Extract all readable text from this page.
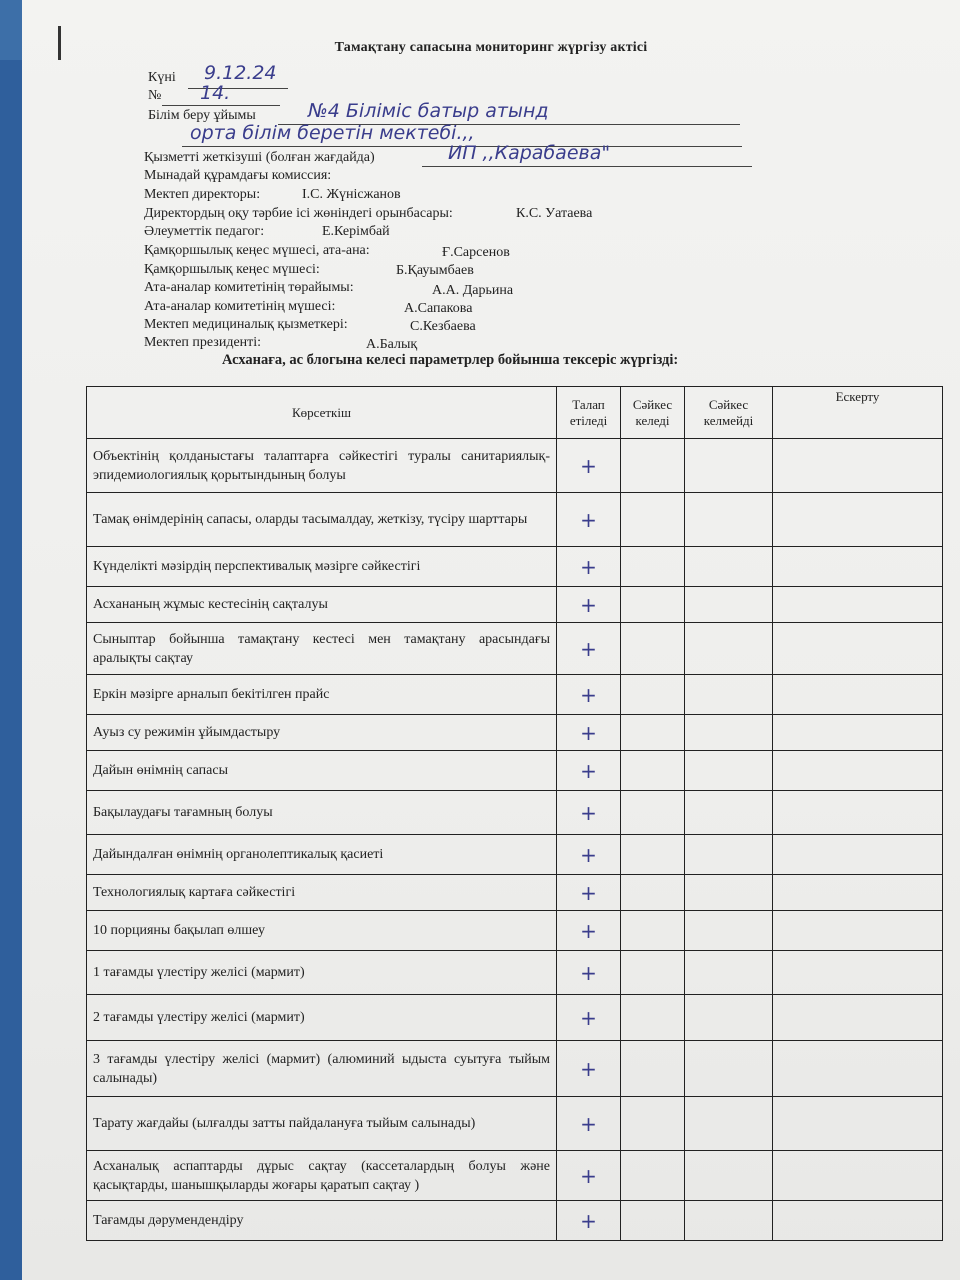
Тамақтану сапасына мониторинг жүргізу актісі
Күні 9.12.24
№ 14.
Білім беру ұйымы	№4 Бiлiмiс батыр атынд
орта бiлiм беретiн мектебi.,,
Қызметті жеткізуші (болған жағдайда)	ИП ,,Карабаева"
Мынадай құрамдағы комиссия:
Мектеп директоры:	І.С. Жүнісжанов
Директордың оқу тәрбие ісі жөніндегі орынбасары:	К.С. Уатаева
Әлеуметтік педагог:	Е.Керімбай
Қамқоршылық кеңес мүшесі, ата-ана:	Ғ.Сарсенов
Қамқоршылық кеңес мүшесі:	Б.Қауымбаев
Ата-аналар комитетінің төрайымы:	А.А. Дарьина
Ата-аналар комитетінің мүшесі:	А.Сапакова
Мектеп медициналық қызметкері:	С.Кезбаева
Мектеп президенті:	А.Балық
Асханаға, ас блогына келесі параметрлер бойынша тексеріс жүргізді:
Көрсеткіш	Талап етіледі	Сәйкес келеді	Сәйкес келмейді	Ескерту
Объектінің қолданыстағы талаптарға сәйкестігі туралы санитариялық-эпидемиологиялық қорытындының болуы	+			
Тамақ өнімдерінің сапасы, оларды тасымалдау, жеткізу, түсіру шарттары	+			
Күнделікті мәзірдің перспективалық мәзірге сәйкестігі	+			
Асхананың жұмыс кестесінің сақталуы	+			
Сыныптар бойынша тамақтану кестесі мен тамақтану арасындағы аралықты сақтау	+			
Еркін мәзірге арналып бекітілген прайс	+			
Ауыз су режимін ұйымдастыру	+			
Дайын өнімнің сапасы	+			
Бақылаудағы тағамның болуы	+			
Дайындалған өнімнің органолептикалық қасиеті	+			
Технологиялық картаға сәйкестігі	+			
10 порцияны бақылап өлшеу	+			
1 тағамды үлестіру желісі (мармит)	+			
2 тағамды үлестіру желісі (мармит)	+			
3 тағамды үлестіру желісі (мармит) (алюминий ыдыста суытуға тыйым салынады)	+			
Тарату жағдайы (ылғалды затты пайдалануға тыйым салынады)	+			
Асханалық аспаптарды дұрыс сақтау (кассеталардың болуы және қасықтарды, шанышқыларды жоғары қаратып сақтау )	+			
Тағамды дәрумендендіру	+			
